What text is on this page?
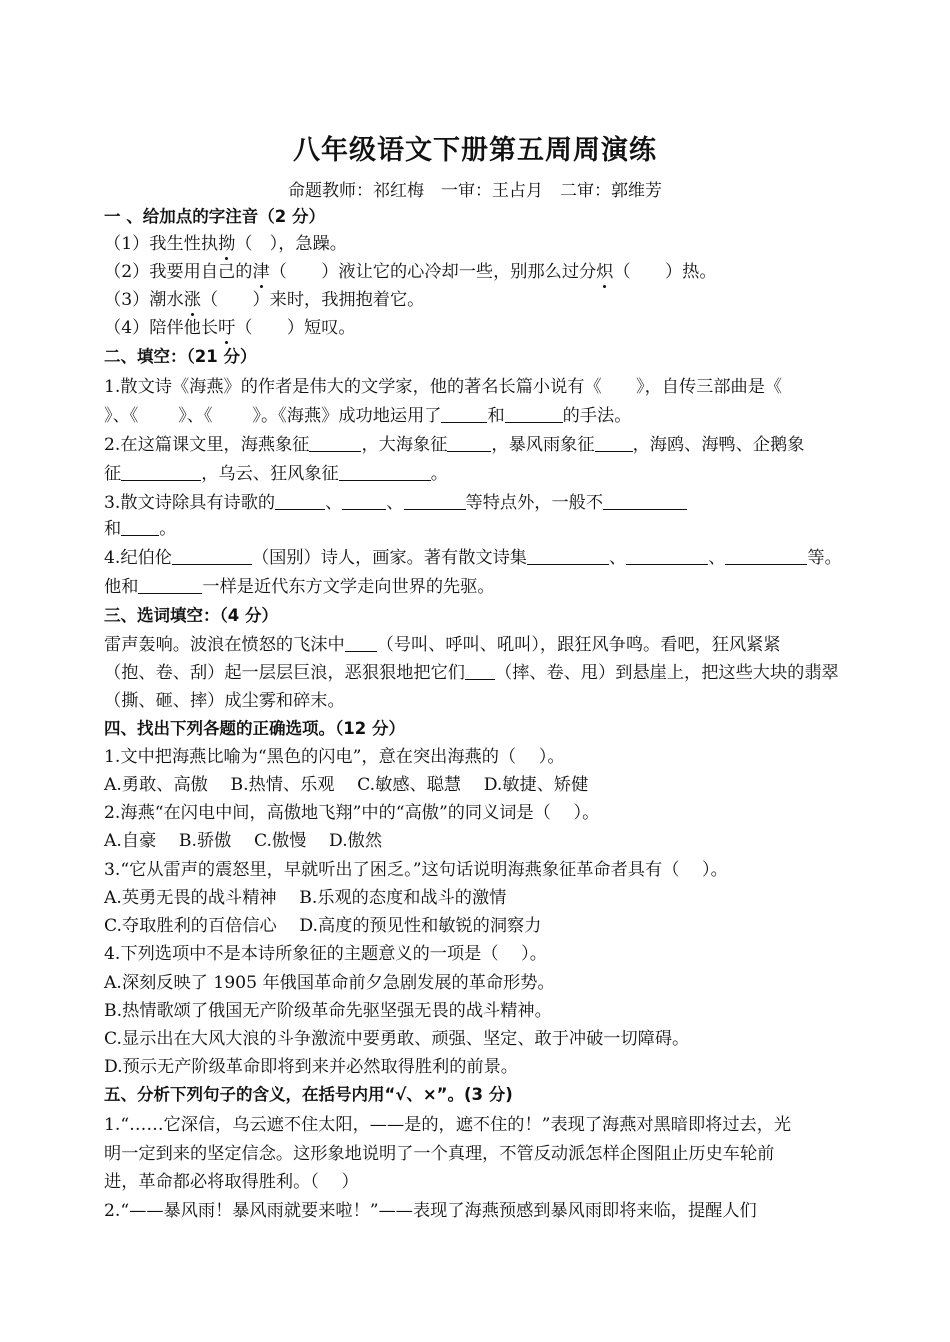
八年级语文下册第五周周演练
命题教师：祁红梅　一审：王占月　二审：郭维芳
一 、给加点的字注音（2 分）
（1）我生性执拗（　），急躁。
（2）我要用自己的津（　　）液让它的心冷却一些，别那么过分炽（　　）热。
（3）潮水涨（　　）来时，我拥抱着它。
（4）陪伴他长吁（　　）短叹。
二、填空：（21 分）
1.散文诗《海燕》的作者是伟大的文学家，他的著名长篇小说有《　　》，自传三部曲是《
》、《　　 》、《　　 》。《海燕》成功地运用了	和	的手法。
2.在这篇课文里，海燕象征	，大海象征	，暴风雨象征 ，海鸥、海鸭、企鹅象
征	，乌云、狂风象征	。
3.散文诗除具有诗歌的	、	、	等特点外，一般不
和 。
4.纪伯伦	（国别）诗人，画家。著有散文诗集	、	、	等。
他和	一样是近代东方文学走向世界的先驱。
三、选词填空：（4 分）
雷声轰响。波浪在愤怒的飞沫中 （号叫、呼叫、吼叫），跟狂风争鸣。看吧，狂风紧紧
（抱、卷、刮）起一层层巨浪，恶狠狠地把它们 （摔、卷、甩）到悬崖上，把这些大块的翡翠
（撕、砸、摔）成尘雾和碎末。
四、找出下列各题的正确选项。（12 分）
1.文中把海燕比喻为“黑色的闪电”，意在突出海燕的（　 ）。
A.勇敢、高傲　 B.热情、乐观　 C.敏感、聪慧　 D.敏捷、矫健
2.海燕“在闪电中间，高傲地飞翔”中的“高傲”的同义词是（　 ）。
A.自豪　 B.骄傲　 C.傲慢　 D.傲然
3.“它从雷声的震怒里，早就听出了困乏。”这句话说明海燕象征革命者具有（　 ）。
A.英勇无畏的战斗精神　 B.乐观的态度和战斗的激情
C.夺取胜利的百倍信心　 D.高度的预见性和敏锐的洞察力
4.下列选项中不是本诗所象征的主题意义的一项是（　 ）。
A.深刻反映了 1905 年俄国革命前夕急剧发展的革命形势。
B.热情歌颂了俄国无产阶级革命先驱坚强无畏的战斗精神。
C.显示出在大风大浪的斗争激流中要勇敢、顽强、坚定、敢于冲破一切障碍。
D.预示无产阶级革命即将到来并必然取得胜利的前景。
五、分析下列句子的含义，在括号内用“√、×”。(3 分)
1.“……它深信，乌云遮不住太阳，——是的，遮不住的！”表现了海燕对黑暗即将过去，光
明一定到来的坚定信念。这形象地说明了一个真理，不管反动派怎样企图阻止历史车轮前
进，革命都必将取得胜利。（　 ）
2.“——暴风雨！暴风雨就要来啦！”——表现了海燕预感到暴风雨即将来临，提醒人们
